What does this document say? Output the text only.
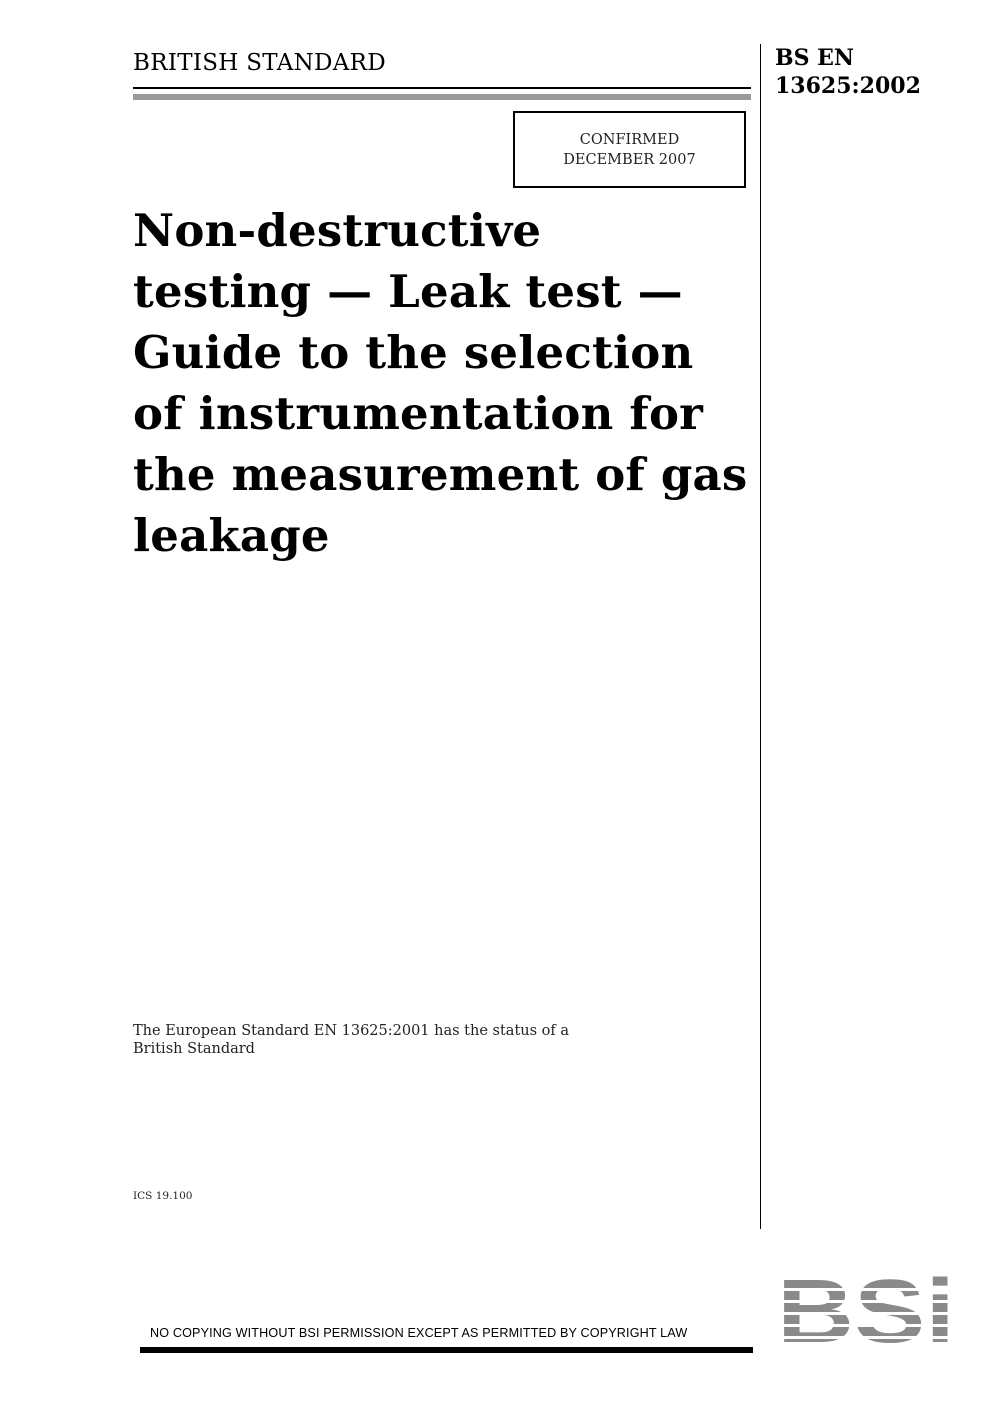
BRITISH STANDARD	BS EN
13625:2002
CONFIRMED
DECEMBER 2007
Non-destructive
testing — Leak test —
Guide to the selection
of instrumentation for
the measurement of gas
leakage
The European Standard EN 13625:2001 has the status of a
British Standard
ICS 19.100
NO COPYING WITHOUT BSI PERMISSION EXCEPT AS PERMITTED BY COPYRIGHT LAW
